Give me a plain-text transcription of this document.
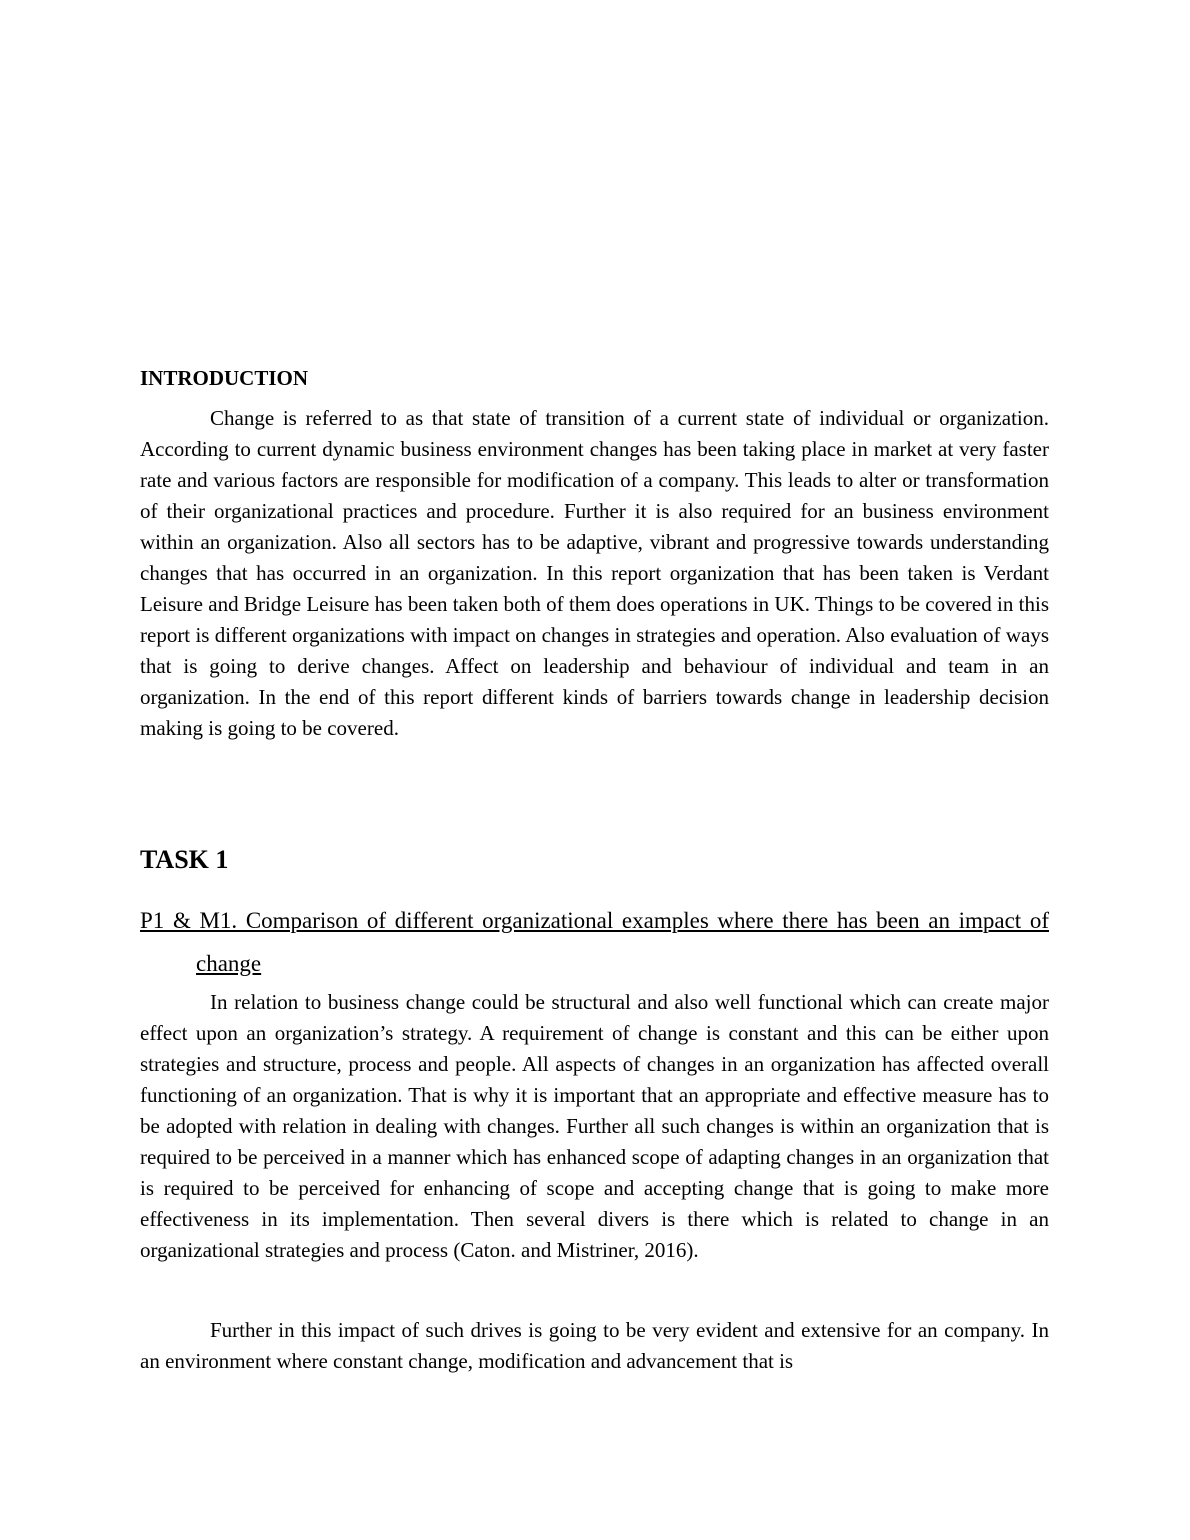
INTRODUCTION

Change is referred to as that state of transition of a current state of individual or organization. According to current dynamic business environment changes has been taking place in market at very faster rate and various factors are responsible for modification of a company. This leads to alter or transformation of their organizational practices and procedure. Further it is also required for an business environment within an organization. Also all sectors has to be adaptive, vibrant and progressive towards understanding changes that has occurred in an organization. In this report organization that has been taken is Verdant Leisure and Bridge Leisure has been taken both of them does operations in UK. Things to be covered in this report is different organizations with impact on changes in strategies and operation. Also evaluation of ways that is going to derive changes. Affect on leadership and behaviour of individual and team in an organization. In the end of this report different kinds of barriers towards change in leadership decision making is going to be covered.

TASK 1
P1 & M1. Comparison of different organizational examples where there has been an impact of change

In relation to business change could be structural and also well functional which can create major effect upon an organization’s strategy. A requirement of change is constant and this can be either upon strategies and structure, process and people. All aspects of changes in an organization has affected overall functioning of an organization. That is why it is important that an appropriate and effective measure has to be adopted with relation in dealing with changes. Further all such changes is within an organization that is required to be perceived in a manner which has enhanced scope of adapting changes in an organization that is required to be perceived for enhancing of scope and accepting change that is going to make more effectiveness in its implementation. Then several divers is there which is related to change in an organizational strategies and process (Caton. and Mistriner, 2016).

Further in this impact of such drives is going to be very evident and extensive for an company. In an environment where constant change, modification and advancement that is
